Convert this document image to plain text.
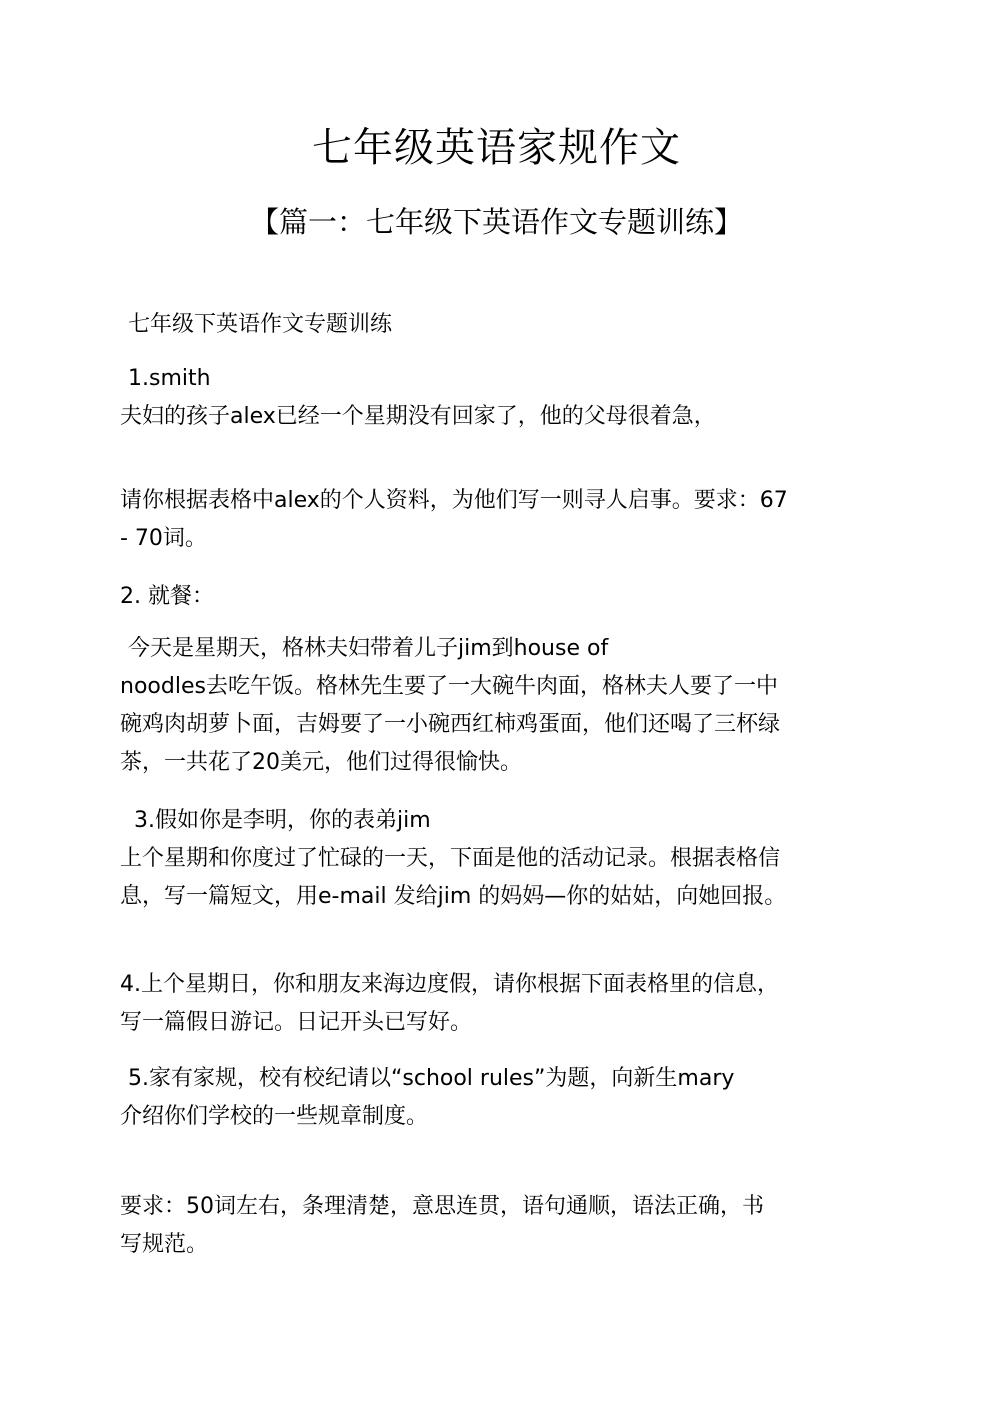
七年级英语家规作文
【篇一：七年级下英语作文专题训练】

七年级下英语作文专题训练

1.smith

夫妇的孩子alex已经一个星期没有回家了，他的父母很着急，

请你根据表格中alex的个人资料，为他们写一则寻人启事。要求：67

- 70词。

2. 就餐：

今天是星期天，格林夫妇带着儿子jim到house of

noodles去吃午饭。格林先生要了一大碗牛肉面，格林夫人要了一中

碗鸡肉胡萝卜面，吉姆要了一小碗西红柿鸡蛋面，他们还喝了三杯绿

茶，一共花了20美元，他们过得很愉快。

3.假如你是李明，你的表弟jim

上个星期和你度过了忙碌的一天，下面是他的活动记录。根据表格信

息，写一篇短文，用e-mail 发给jim 的妈妈—你的姑姑，向她回报。

4.上个星期日，你和朋友来海边度假，请你根据下面表格里的信息，

写一篇假日游记。日记开头已写好。

5.家有家规，校有校纪请以“school rules”为题，向新生mary

介绍你们学校的一些规章制度。

要求：50词左右，条理清楚，意思连贯，语句通顺，语法正确，书

写规范。
